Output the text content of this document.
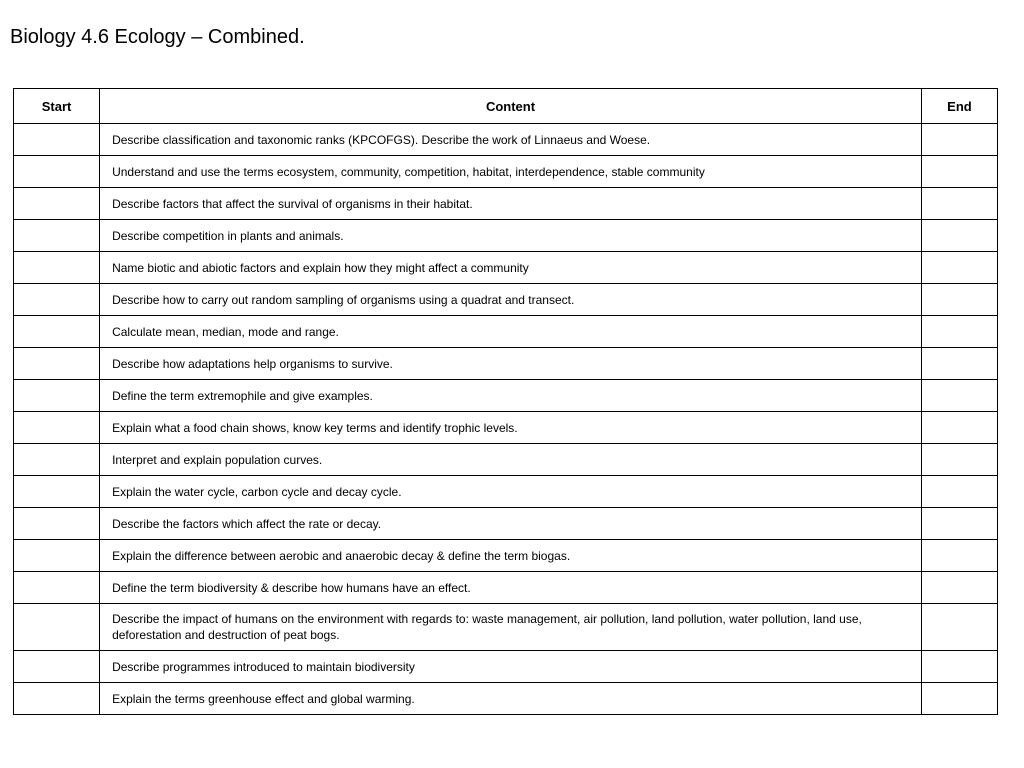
Biology 4.6 Ecology – Combined.
Start	Content	End
	Describe classification and taxonomic ranks (KPCOFGS). Describe the work of Linnaeus and Woese.	
	Understand and use the terms ecosystem, community, competition, habitat, interdependence, stable community	
	Describe factors that affect the survival of organisms in their habitat.	
	Describe competition in plants and animals.	
	Name biotic and abiotic factors and explain how they might affect a community	
	Describe how to carry out random sampling of organisms using a quadrat and transect.	
	Calculate mean, median, mode and range.	
	Describe how adaptations help organisms to survive.	
	Define the term extremophile and give examples.	
	Explain what a food chain shows, know key terms and identify trophic levels.	
	Interpret and explain population curves.	
	Explain the water cycle, carbon cycle and decay cycle.	
	Describe the factors which affect the rate or decay.	
	Explain the difference between aerobic and anaerobic decay & define the term biogas.	
	Define the term biodiversity & describe how humans have an effect.	
	Describe the impact of humans on the environment with regards to: waste management, air pollution, land pollution, water pollution, land use, deforestation and destruction of peat bogs.	
	Describe programmes introduced to maintain biodiversity	
	Explain the terms greenhouse effect and global warming.	
